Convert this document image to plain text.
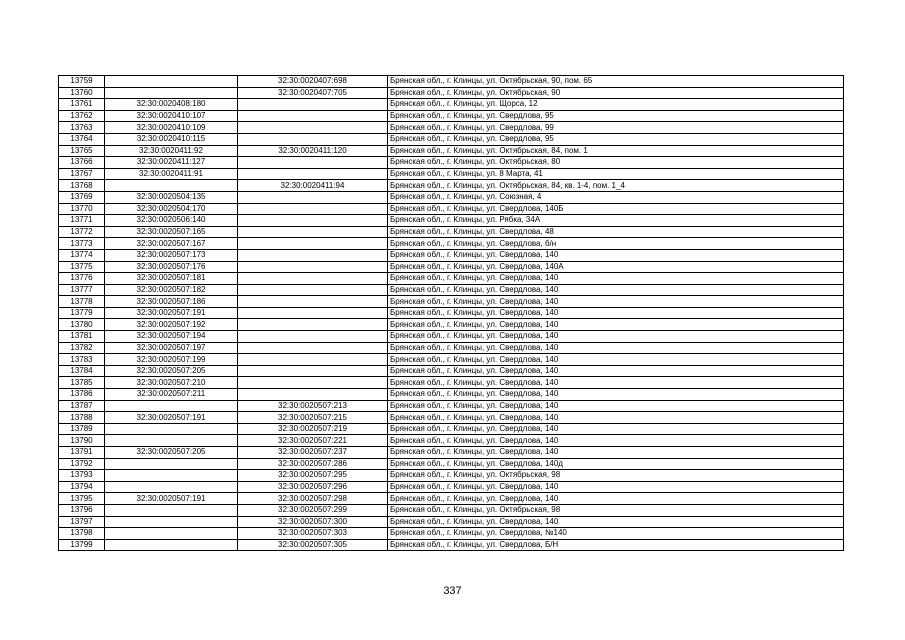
13759		32:30:0020407:698	Брянская обл., г. Клинцы, ул. Октябрьская, 90, пом. 65
13760		32:30:0020407:705	Брянская обл., г. Клинцы, ул. Октябрьская, 90
13761	32:30:0020408:180		Брянская обл., г. Клинцы, ул. Щорса, 12
13762	32:30:0020410:107		Брянская обл., г. Клинцы, ул. Свердлова, 95
13763	32:30:0020410:109		Брянская обл., г. Клинцы, ул. Свердлова, 99
13764	32:30:0020410:115		Брянская обл., г. Клинцы, ул. Свердлова, 95
13765	32:30:0020411:92	32:30:0020411:120	Брянская обл., г. Клинцы, ул. Октябрьская, 84, пом. 1
13766	32:30:0020411:127		Брянская обл., г. Клинцы, ул. Октябрьская, 80
13767	32:30:0020411:91		Брянская обл., г. Клинцы, ул. 8 Марта, 41
13768		32:30:0020411:94	Брянская обл., г. Клинцы, ул. Октябрьская, 84, кв. 1-4, пом. 1_4
13769	32:30:0020504:135		Брянская обл., г. Клинцы, ул. Союзная, 4
13770	32:30:0020504:170		Брянская обл., г. Клинцы, ул. Свердлова, 140Б
13771	32:30:0020506:140		Брянская обл., г. Клинцы, ул. Рябка, 34А
13772	32:30:0020507:165		Брянская обл., г. Клинцы, ул. Свердлова, 48
13773	32:30:0020507:167		Брянская обл., г. Клинцы, ул. Свердлова, б/н
13774	32:30:0020507:173		Брянская обл., г. Клинцы, ул. Свердлова, 140
13775	32:30:0020507:176		Брянская обл., г. Клинцы, ул. Свердлова, 140А
13776	32:30:0020507:181		Брянская обл., г. Клинцы, ул. Свердлова, 140
13777	32:30:0020507:182		Брянская обл., г. Клинцы, ул. Свердлова, 140
13778	32:30:0020507:186		Брянская обл., г. Клинцы, ул. Свердлова, 140
13779	32:30:0020507:191		Брянская обл., г. Клинцы, ул. Свердлова, 140
13780	32:30:0020507:192		Брянская обл., г. Клинцы, ул. Свердлова, 140
13781	32:30:0020507:194		Брянская обл., г. Клинцы, ул. Свердлова, 140
13782	32:30:0020507:197		Брянская обл., г. Клинцы, ул. Свердлова, 140
13783	32:30:0020507:199		Брянская обл., г. Клинцы, ул. Свердлова, 140
13784	32:30:0020507:205		Брянская обл., г. Клинцы, ул. Свердлова, 140
13785	32:30:0020507:210		Брянская обл., г. Клинцы, ул. Свердлова, 140
13786	32:30:0020507:211		Брянская обл., г. Клинцы, ул. Свердлова, 140
13787		32:30:0020507:213	Брянская обл., г. Клинцы, ул. Свердлова, 140
13788	32:30:0020507:191	32:30:0020507:215	Брянская обл., г. Клинцы, ул. Свердлова, 140
13789		32:30:0020507:219	Брянская обл., г. Клинцы, ул. Свердлова, 140
13790		32:30:0020507:221	Брянская обл., г. Клинцы, ул. Свердлова, 140
13791	32:30:0020507:205	32:30:0020507:237	Брянская обл., г. Клинцы, ул. Свердлова, 140
13792		32:30:0020507:286	Брянская обл., г. Клинцы, ул. Свердлова, 140д
13793		32:30:0020507:295	Брянская обл., г. Клинцы, ул. Октябрьская, 98
13794		32:30:0020507:296	Брянская обл., г. Клинцы, ул. Свердлова, 140
13795	32:30:0020507:191	32:30:0020507:298	Брянская обл., г. Клинцы, ул. Свердлова, 140
13796		32:30:0020507:299	Брянская обл., г. Клинцы, ул. Октябрьская, 98
13797		32:30:0020507:300	Брянская обл., г. Клинцы, ул. Свердлова, 140
13798		32:30:0020507:303	Брянская обл., г. Клинцы, ул. Свердлова, №140
13799		32:30:0020507:305	Брянская обл., г. Клинцы, ул. Свердлова, Б/Н
337
